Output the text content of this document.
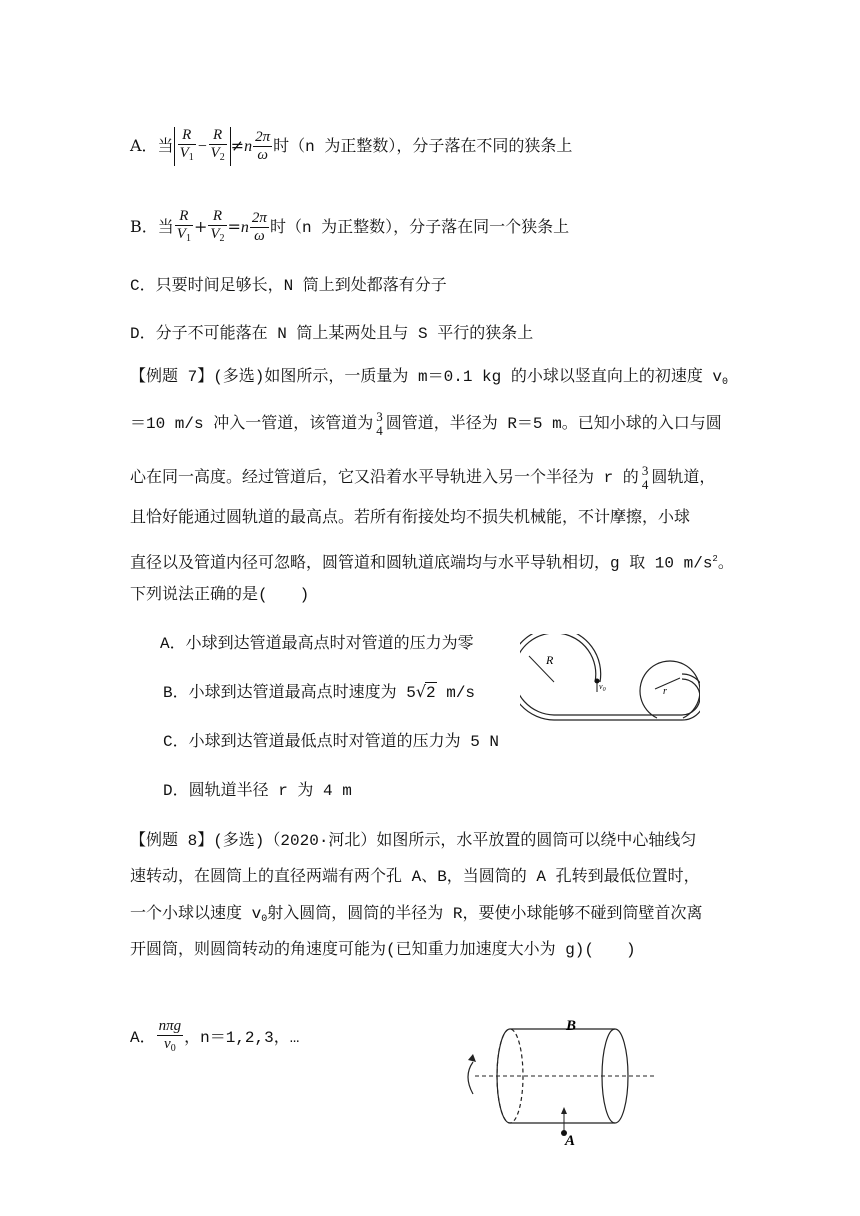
A．当 $\frac{R}{V_1} - \frac{R}{V_2} \ne n \frac{2\pi}{\omega}$ 时（n 为正整数），分子落在不同的狭条上
B．当 $\frac{R}{V_1} + \frac{R}{V_2} =n \frac{2\pi}{\omega}$ 时（n 为正整数），分子落在同一个狭条上
C．只要时间足够长，N 筒上到处都落有分子
D．分子不可能落在 N 筒上某两处且与 S 平行的狭条上
【例题 7】(多选)如图所示，一质量为 m＝0.1 kg 的小球以竖直向上的初速度 $v_0$
＝10 m/s 冲入一管道，该管道为 3
4 圆管道，半径为 R＝5 m。已知小球的入口与圆
心在同一高度。经过管道后，它又沿着水平导轨进入另一个半径为 r 的 3
4 圆轨道，
且恰好能通过圆轨道的最高点。若所有衔接处均不损失机械能，不计摩擦，小球
直径以及管道内径可忽略，圆管道和圆轨道底端均与水平导轨相切，g 取 10 $m/s^2$。
下列说法正确的是(　　)
A．小球到达管道最高点时对管道的压力为零
B．小球到达管道最高点时速度为 5√2 m/s
C．小球到达管道最低点时对管道的压力为 5 N
D．圆轨道半径 r 为 4 m
R
$v_0$	r
【例题 8】(多选)（2020·河北）如图所示，水平放置的圆筒可以绕中心轴线匀
速转动，在圆筒上的直径两端有两个孔 A、B，当圆筒的 A 孔转到最低位置时，
一个小球以速度 $v_0$射入圆筒，圆筒的半径为 R，要使小球能够不碰到筒壁首次离
开圆筒，则圆筒转动的角速度可能为(已知重力加速度大小为 g)(　　)
A． $\frac{\text{nπg}}{v_0}$ ，n＝1,2,3，…
B
A
